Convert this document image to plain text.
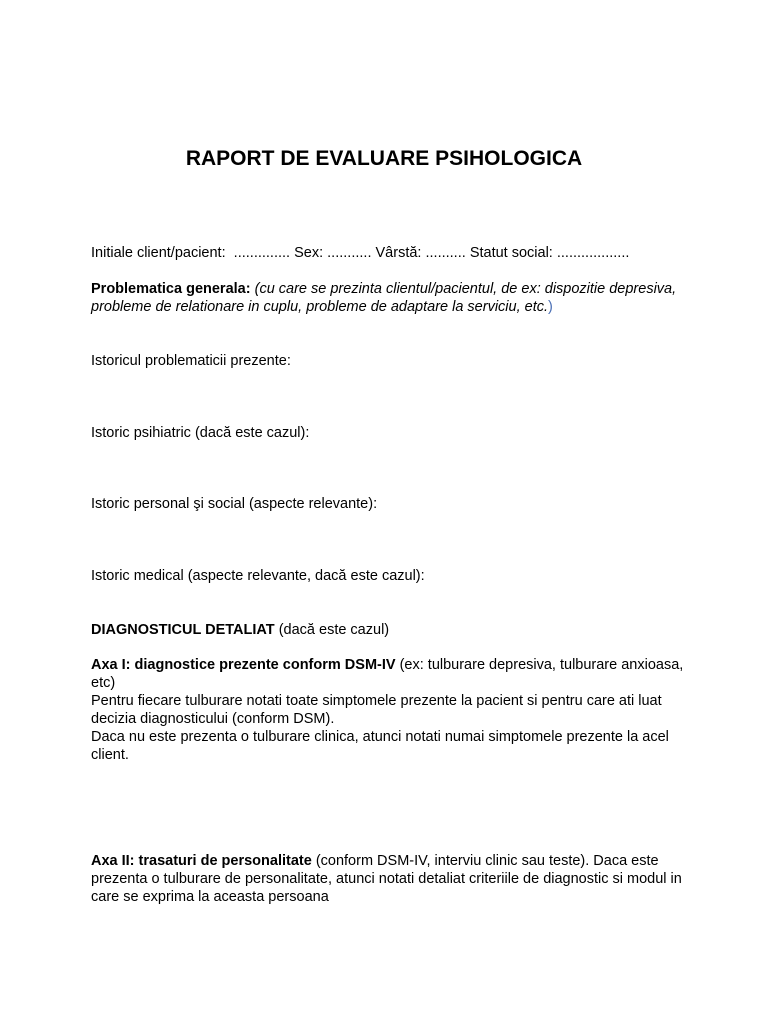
RAPORT DE EVALUARE PSIHOLOGICA
Initiale client/pacient: .............. Sex: ........... Vârstă: .......... Statut social: ..................

Problematica generala: (cu care se prezinta clientul/pacientul, de ex: dispozitie depresiva, probleme de relationare in cuplu, probleme de adaptare la serviciu, etc.)

Istoricul problematicii prezente:

Istoric psihiatric (dacă este cazul):

Istoric personal şi social (aspecte relevante):

Istoric medical (aspecte relevante, dacă este cazul):

DIAGNOSTICUL DETALIAT (dacă este cazul)

Axa I: diagnostice prezente conform DSM-IV (ex: tulburare depresiva, tulburare anxioasa, etc)

Pentru fiecare tulburare notati toate simptomele prezente la pacient si pentru care ati luat decizia diagnosticului (conform DSM).

Daca nu este prezenta o tulburare clinica, atunci notati numai simptomele prezente la acel client.

Axa II: trasaturi de personalitate (conform DSM-IV, interviu clinic sau teste). Daca este prezenta o tulburare de personalitate, atunci notati detaliat criteriile de diagnostic si modul in care se exprima la aceasta persoana
